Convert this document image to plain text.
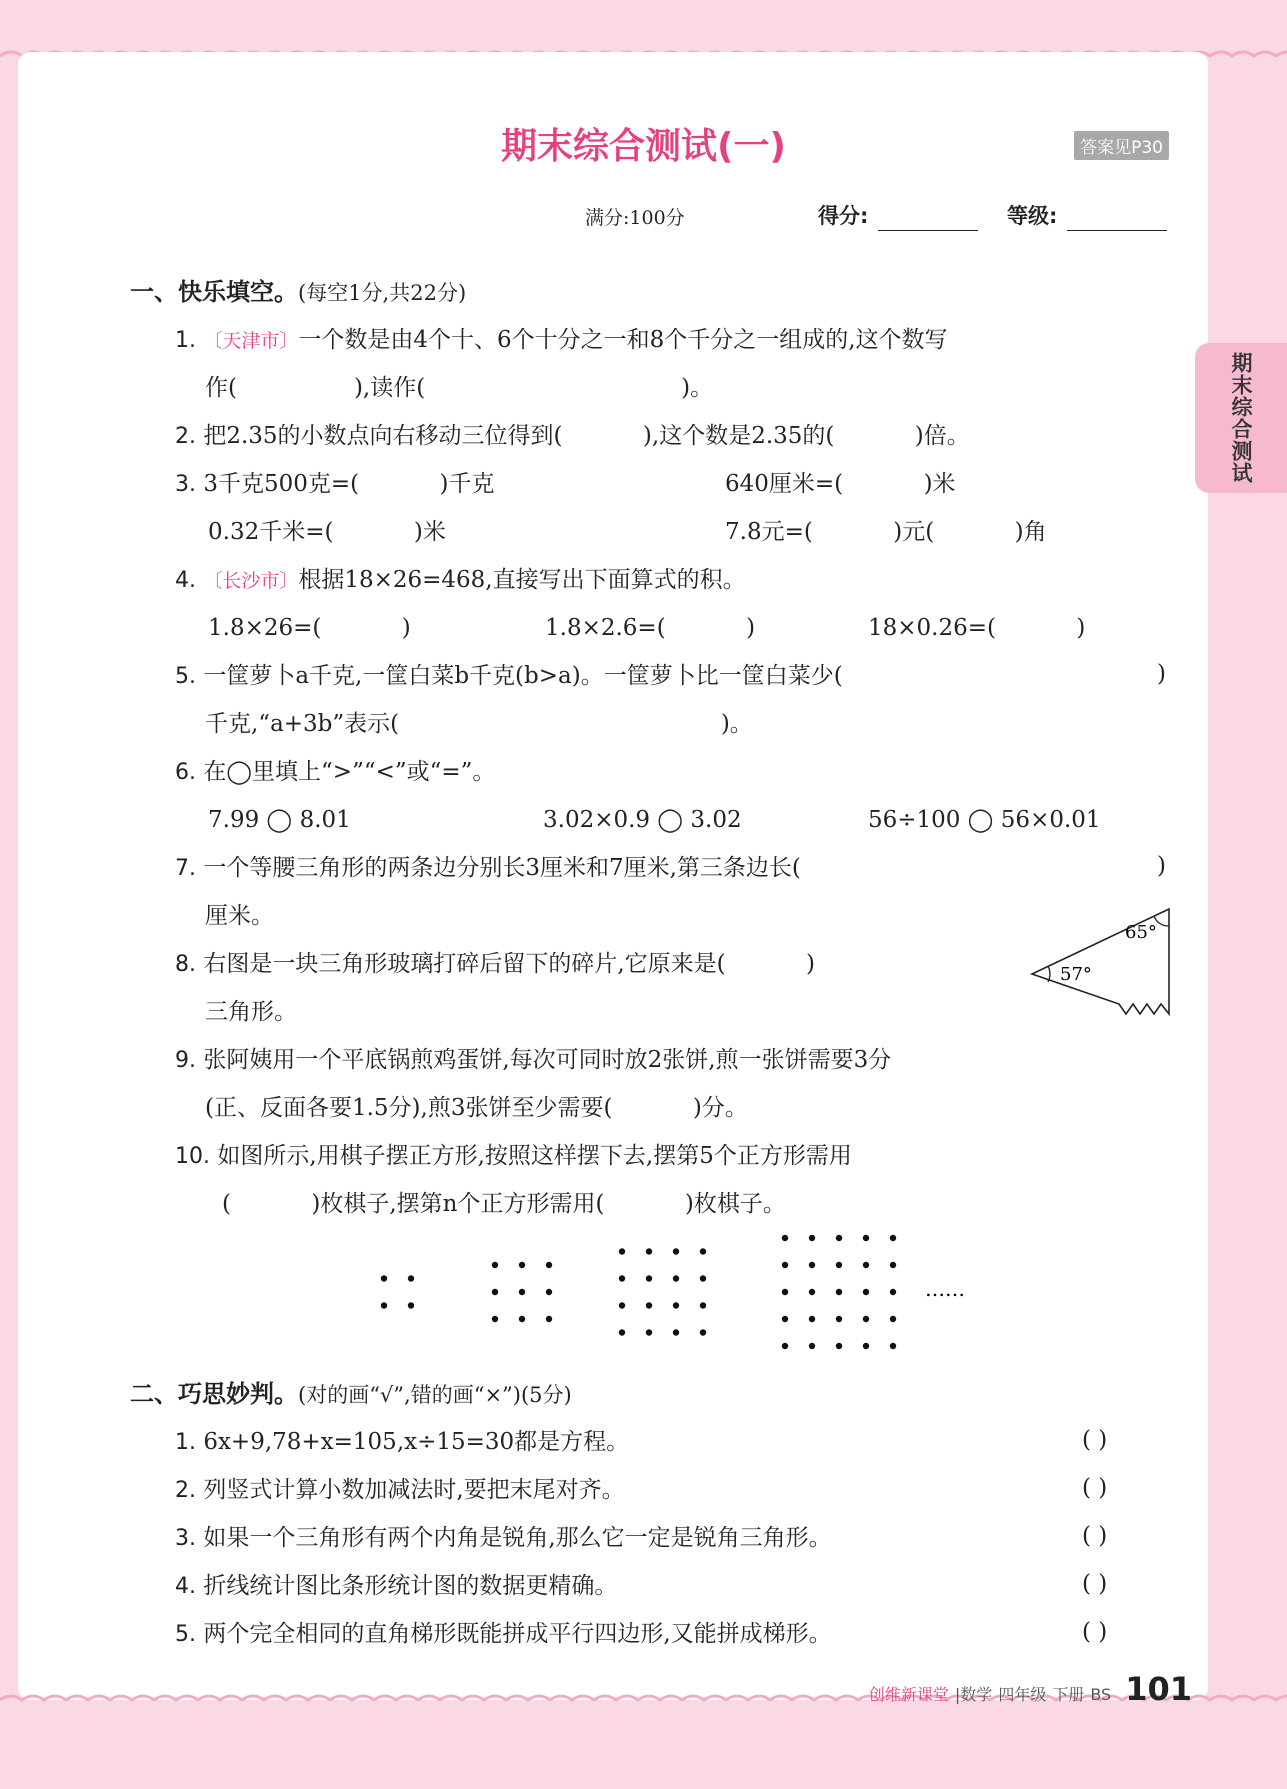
期末综合测试
期末综合测试(一)	答案见P30
满分:100分	得分:	等级:
一、快乐填空。(每空1分,共22分)
1. 〔天津市〕一个数是由4个十、6个十分之一和8个千分之一组成的,这个数写
作(                ),读作(                                   )。
2. 把2.35的小数点向右移动三位得到(           ),这个数是2.35的(           )倍。
3. 3千克500克=(           )千克	640厘米=(           )米
0.32千米=(           )米	7.8元=(           )元(           )角
4. 〔长沙市〕根据18×26=468,直接写出下面算式的积。
1.8×26=(           )	1.8×2.6=(           )	18×0.26=(           )
5. 一筐萝卜a千克,一筐白菜b千克(b>a)。一筐萝卜比一筐白菜少(	)
千克,“a+3b”表示(                                            )。
6. 在◯里填上“>”“<”或“=”。
7.99 ◯ 8.01	3.02×0.9 ◯ 3.02	56÷100 ◯ 56×0.01
7. 一个等腰三角形的两条边分别长3厘米和7厘米,第三条边长(	)
厘米。
8. 右图是一块三角形玻璃打碎后留下的碎片,它原来是(           )
三角形。
65°
57°
9. 张阿姨用一个平底锅煎鸡蛋饼,每次可同时放2张饼,煎一张饼需要3分
(正、反面各要1.5分),煎3张饼至少需要(           )分。
10. 如图所示,用棋子摆正方形,按照这样摆下去,摆第5个正方形需用
(           )枚棋子,摆第n个正方形需用(           )枚棋子。
……
二、巧思妙判。(对的画“√”,错的画“×”)(5分)
1. 6x+9,78+x=105,x÷15=30都是方程。	( )
2. 列竖式计算小数加减法时,要把末尾对齐。	( )
3. 如果一个三角形有两个内角是锐角,那么它一定是锐角三角形。	( )
4. 折线统计图比条形统计图的数据更精确。	( )
5. 两个完全相同的直角梯形既能拼成平行四边形,又能拼成梯形。	( )
创维新课堂 |数学 四年级 下册 BS 101
